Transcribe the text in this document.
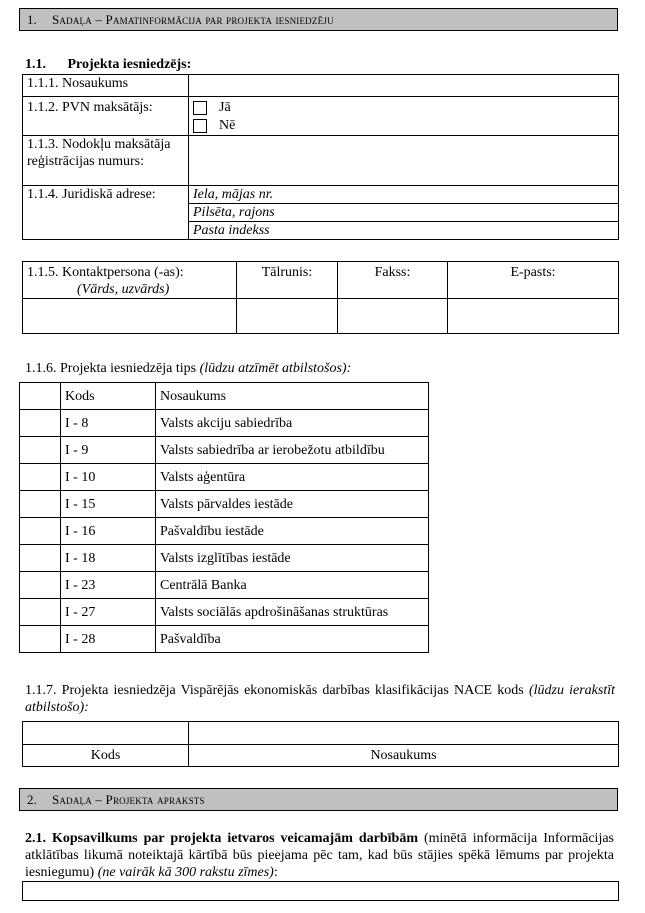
1. Sadaļa – Pamatinformācija par projekta iesniedzēju
1.1. Projekta iesniedzējs:
1.1.1. Nosaukums	
1.1.2. PVN maksātājs:	Jā
Nē

1.1.3. Nodokļu maksātāja reģistrācijas numurs:	
1.1.4. Juridiskā adrese:	Iela, mājas nr.
	Pilsēta, rajons
	Pasta indekss
1.1.5. Kontaktpersona (-as):
(Vārds, uzvārds)	Tālrunis:	Fakss:	E-pasts:

1.1.6. Projekta iesniedzēja tips (lūdzu atzīmēt atbilstošos):
	Kods	Nosaukums
	I - 8	Valsts akciju sabiedrība
	I - 9	Valsts sabiedrība ar ierobežotu atbildību
	I - 10	Valsts aģentūra
	I - 15	Valsts pārvaldes iestāde
	I - 16	Pašvaldību iestāde
	I - 18	Valsts izglītības iestāde
	I - 23	Centrālā Banka
	I - 27	Valsts sociālās apdrošināšanas struktūras
	I - 28	Pašvaldība
1.1.7. Projekta iesniedzēja Vispārējās ekonomiskās darbības klasifikācijas NACE kods (lūdzu ierakstīt atbilstošo):

Kods	Nosaukums
2. Sadaļa – Projekta apraksts
2.1. Kopsavilkums par projekta ietvaros veicamajām darbībām (minētā informācija Informācijas atklātības likumā noteiktajā kārtībā būs pieejama pēc tam, kad būs stājies spēkā lēmums par projekta iesniegumu) (ne vairāk kā 300 rakstu zīmes):
